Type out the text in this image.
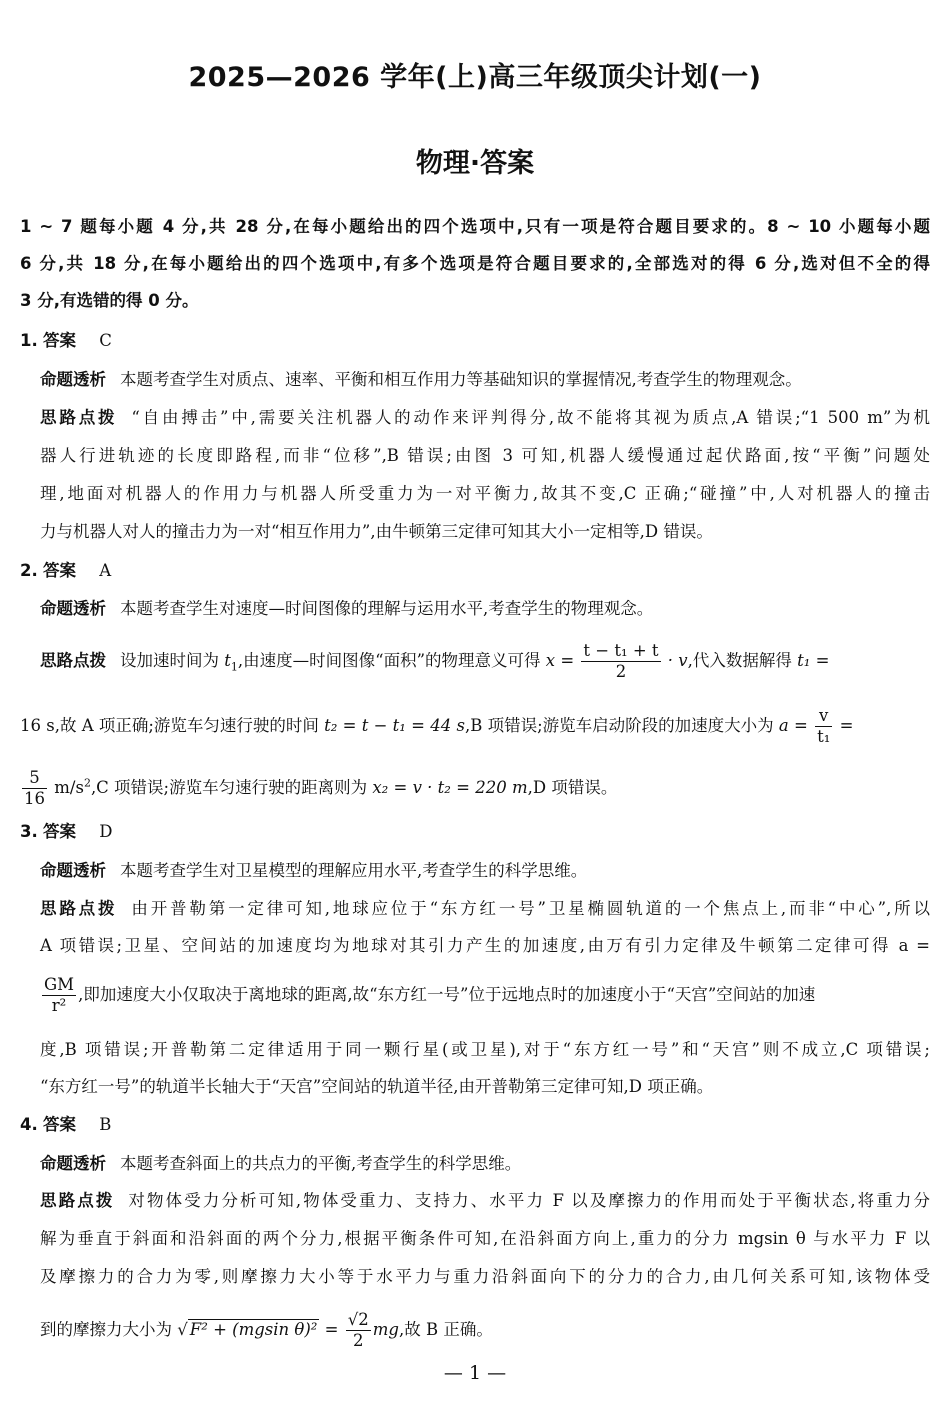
2025—2026 学年(上)高三年级顶尖计划(一)
物理·答案
1 ~ 7 题每小题 4 分,共 28 分,在每小题给出的四个选项中,只有一项是符合题目要求的。8 ~ 10 小题每小题
6 分,共 18 分,在每小题给出的四个选项中,有多个选项是符合题目要求的,全部选对的得 6 分,选对但不全的得
3 分,有选错的得 0 分。
1. 答案 C
命题透析 本题考查学生对质点、速率、平衡和相互作用力等基础知识的掌握情况,考查学生的物理观念。
思路点拨 “自由搏击”中,需要关注机器人的动作来评判得分,故不能将其视为质点,A 错误;“1 500 m”为机
器人行进轨迹的长度即路程,而非“位移”,B 错误;由图 3 可知,机器人缓慢通过起伏路面,按“平衡”问题处
理,地面对机器人的作用力与机器人所受重力为一对平衡力,故其不变,C 正确;“碰撞”中,人对机器人的撞击
力与机器人对人的撞击力为一对“相互作用力”,由牛顿第三定律可知其大小一定相等,D 错误。
2. 答案 A
命题透析 本题考查学生对速度—时间图像的理解与运用水平,考查学生的物理观念。
思路点拨 设加速时间为 $t_1$,由速度—时间图像“面积”的物理意义可得 $x = \frac{\text{t − t₁ + t}}{2} \cdot v$,代入数据解得 t₁ =
16 s,故 A 项正确;游览车匀速行驶的时间 t₂ = t − t₁ = 44 s,B 项错误;游览车启动阶段的加速度大小为 $a = \frac{v}{\text{t₁}}$ =
$\frac{5}{16} m/s^2,C$ 项错误;游览车匀速行驶的距离则为 x₂ = v · t₂ = 220 m,D 项错误。
3. 答案 D
命题透析 本题考查学生对卫星模型的理解应用水平,考查学生的科学思维。
思路点拨 由开普勒第一定律可知,地球应位于“东方红一号”卫星椭圆轨道的一个焦点上,而非“中心”,所以
A 项错误;卫星、空间站的加速度均为地球对其引力产生的加速度,由万有引力定律及牛顿第二定律可得 a =
$\frac{GM}{\text{r²}}$ ,即加速度大小仅取决于离地球的距离,故“东方红一号”位于远地点时的加速度小于“天宫”空间站的加速
度,B 项错误;开普勒第二定律适用于同一颗行星(或卫星),对于“东方红一号”和“天宫”则不成立,C 项错误;
“东方红一号”的轨道半长轴大于“天宫”空间站的轨道半径,由开普勒第三定律可知,D 项正确。
4. 答案 B
命题透析 本题考查斜面上的共点力的平衡,考查学生的科学思维。
思路点拨 对物体受力分析可知,物体受重力、支持力、水平力 F 以及摩擦力的作用而处于平衡状态,将重力分
解为垂直于斜面和沿斜面的两个分力,根据平衡条件可知,在沿斜面方向上,重力的分力 mgsin θ 与水平力 F 以
及摩擦力的合力为零,则摩擦力大小等于水平力与重力沿斜面向下的分力的合力,由几何关系可知,该物体受
到的摩擦力大小为 √ F² + (mgsin $\theta)^2 = \frac{√2}{2}$ mg,故 B 正确。
— 1 —
